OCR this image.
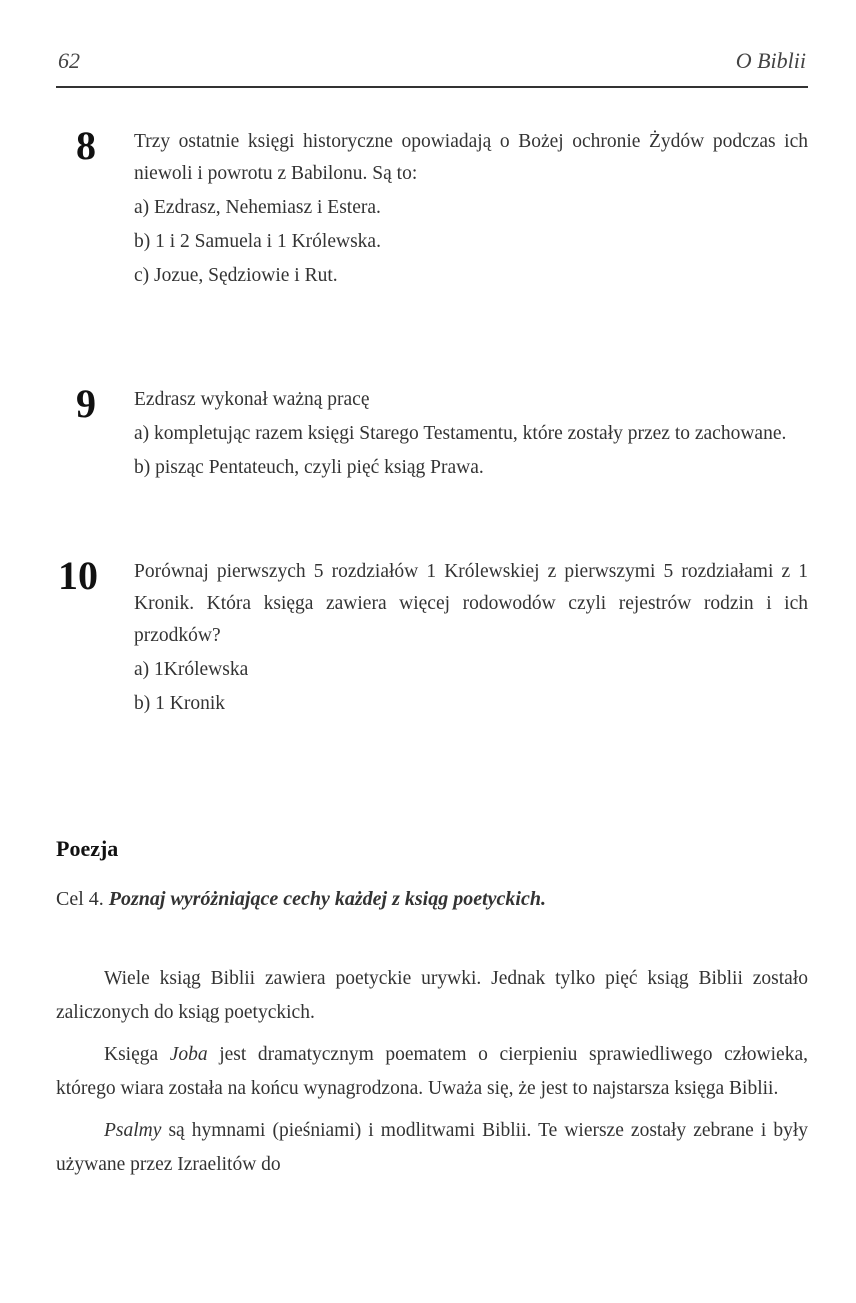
62	O Biblii
8 Trzy ostatnie księgi historyczne opowiadają o Bożej ochronie Żydów podczas ich niewoli i powrotu z Babilonu. Są to:

a) Ezdrasz, Nehemiasz i Estera.

b) 1 i 2 Samuela i 1 Królewska.

c) Jozue, Sędziowie i Rut.

9 Ezdrasz wykonał ważną pracę

a) kompletując razem księgi Starego Testamentu, które zostały przez to zachowane.

b) pisząc Pentateuch, czyli pięć ksiąg Prawa.

10 Porównaj pierwszych 5 rozdziałów 1 Królewskiej z pierwszymi 5 rozdziałami z 1 Kronik. Która księga zawiera więcej rodowodów czyli rejestrów rodzin i ich przodków?

a) 1Królewska

b) 1 Kronik

Poezja
Cel 4. Poznaj wyróżniające cechy każdej z ksiąg poetyckich.

Wiele ksiąg Biblii zawiera poetyckie urywki. Jednak tylko pięć ksiąg Biblii zostało zaliczonych do ksiąg poetyckich.

Księga Joba jest dramatycznym poematem o cierpieniu sprawiedliwego człowieka, którego wiara została na końcu wynagrodzona. Uważa się, że jest to najstarsza księga Biblii.

Psalmy są hymnami (pieśniami) i modlitwami Biblii. Te wiersze zostały zebrane i były używane przez Izraelitów do
